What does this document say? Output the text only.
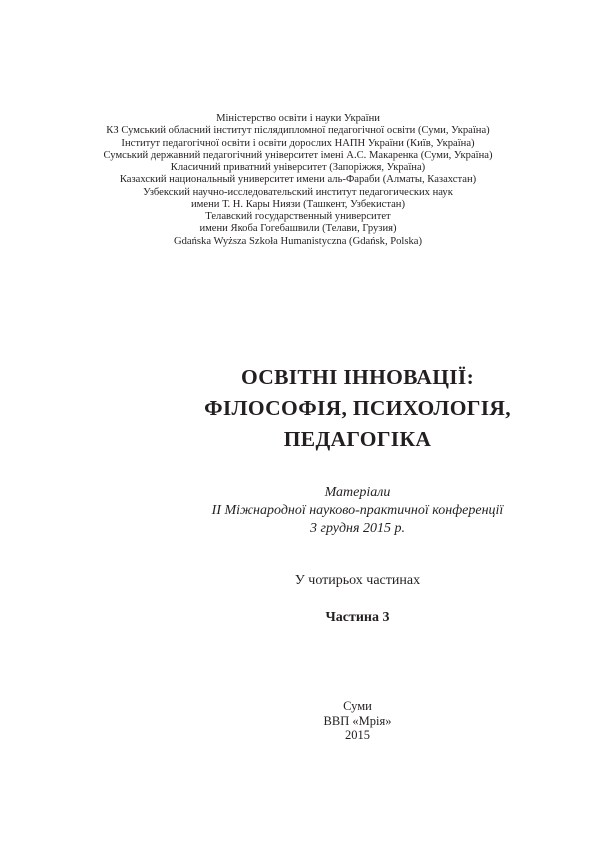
Міністерство освіти і науки України
КЗ Сумський обласний інститут післядипломної педагогічної освіти (Суми, Україна)
Інститут педагогічної освіти і освіти дорослих НАПН України (Київ, Україна)
Сумський державний педагогічний університет імені А.С. Макаренка (Суми, Україна)
Класичний приватний університет (Запоріжжя, Україна)
Казахский национальный университет имени аль-Фараби (Алматы, Казахстан)
Узбекский научно-исследовательский институт педагогических наук
имени Т. Н. Кары Ниязи (Ташкент, Узбекистан)
Телавский государственный университет
имени Якоба Гогебашвили (Телави, Грузия)
Gdańska Wyższa Szkoła Humanistyczna (Gdańsk, Polska)
ОСВІТНІ ІННОВАЦІЇ:
ФІЛОСОФІЯ, ПСИХОЛОГІЯ,
ПЕДАГОГІКА
Матеріали
ІІ Міжнародної науково-практичної конференції
3 грудня 2015 р.
У чотирьох частинах
Частина 3
Суми
ВВП «Мрія»
2015
